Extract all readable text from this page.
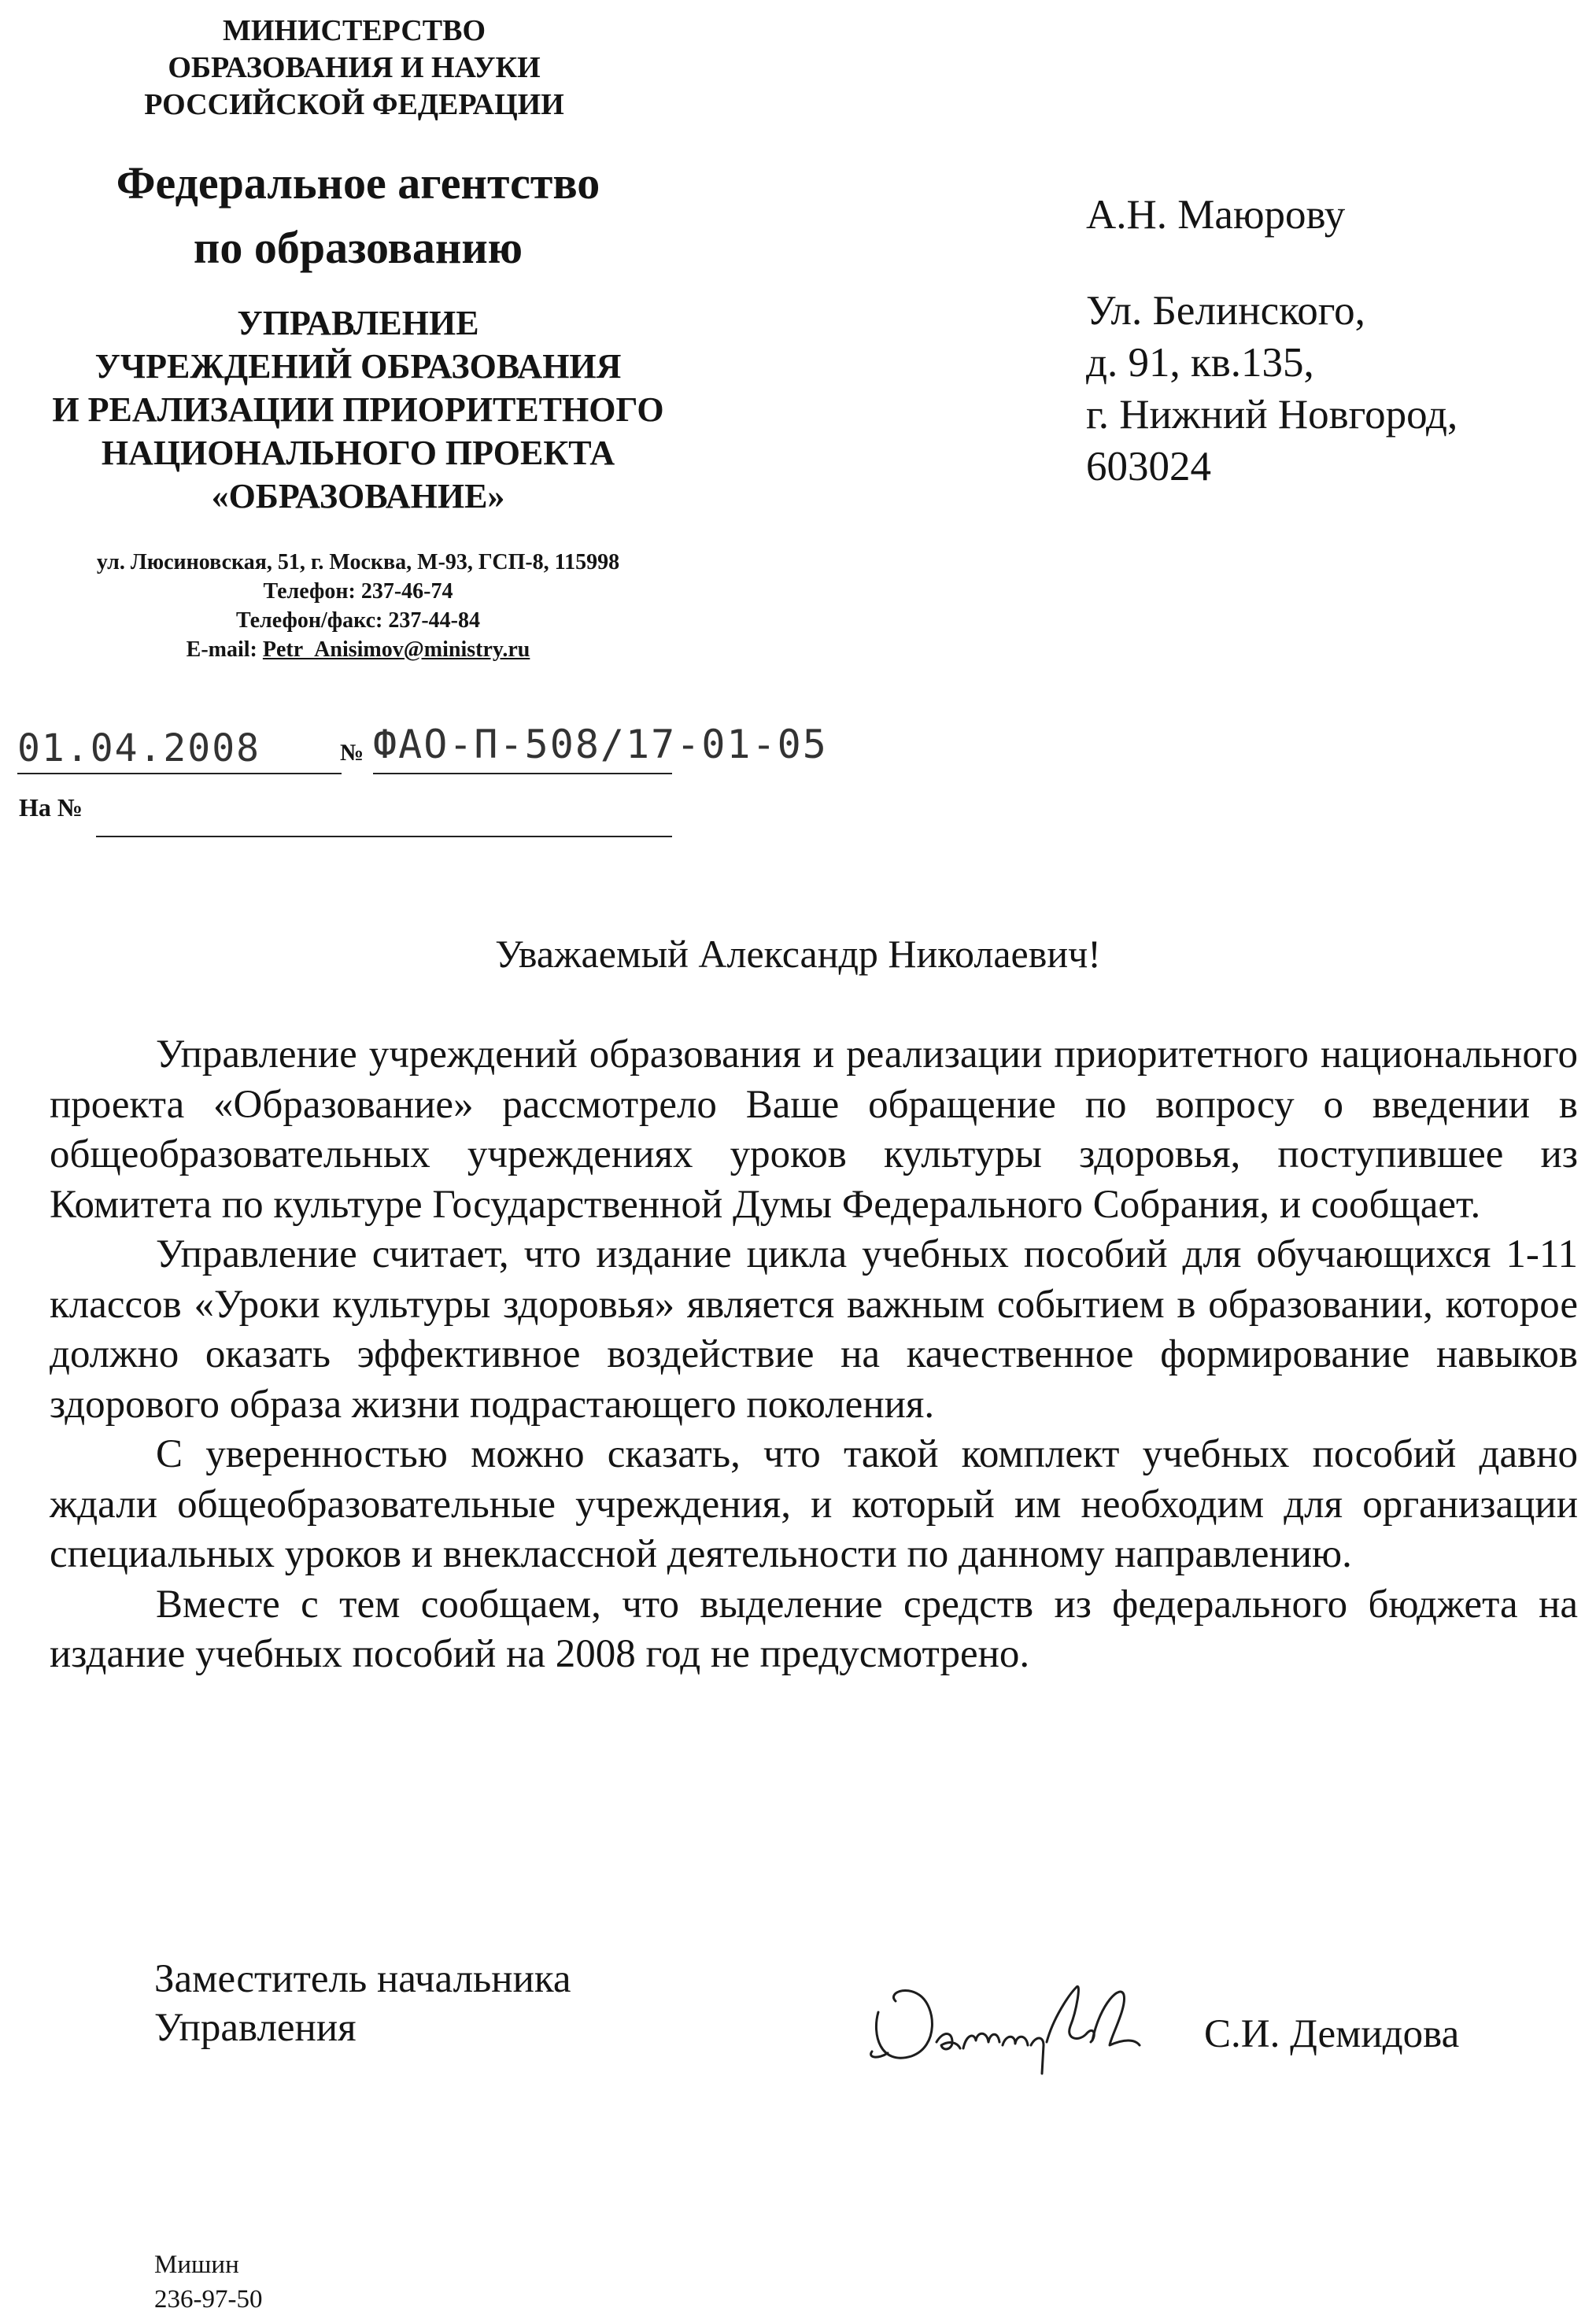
МИНИСТЕРСТВО
ОБРАЗОВАНИЯ И НАУКИ
РОССИЙСКОЙ ФЕДЕРАЦИИ
Федеральное агентство
по образованию
УПРАВЛЕНИЕ
УЧРЕЖДЕНИЙ ОБРАЗОВАНИЯ
И РЕАЛИЗАЦИИ ПРИОРИТЕТНОГО
НАЦИОНАЛЬНОГО ПРОЕКТА
«ОБРАЗОВАНИЕ»
ул. Люсиновская, 51, г. Москва, М-93, ГСП-8, 115998
Телефон: 237-46-74
Телефон/факс: 237-44-84
E-mail: Petr_Anisimov@ministry.ru
А.Н. Маюрову
Ул. Белинского,
д. 91, кв.135,
г. Нижний Новгород,
603024
01.04.2008	№ ФАО-П-508/17-01-05
На №
Уважаемый Александр Николаевич!

Управление учреждений образования и реализации приоритетного национального проекта «Образование» рассмотрело Ваше обращение по вопросу о введении в общеобразовательных учреждениях уроков культуры здоровья, поступившее из Комитета по культуре Государственной Думы Федерального Собрания, и сообщает.

Управление считает, что издание цикла учебных пособий для обучающихся 1-11 классов «Уроки культуры здоровья» является важным событием в образовании, которое должно оказать эффективное воздействие на качественное формирование навыков здорового образа жизни подрастающего поколения.

С уверенностью можно сказать, что такой комплект учебных пособий давно ждали общеобразовательные учреждения, и который им необходим для организации специальных уроков и внеклассной деятельности по данному направлению.

Вместе с тем сообщаем, что выделение средств из федерального бюджета на издание учебных пособий на 2008 год не предусмотрено.

Заместитель начальника
Управления	С.И. Демидова
Мишин
236-97-50
